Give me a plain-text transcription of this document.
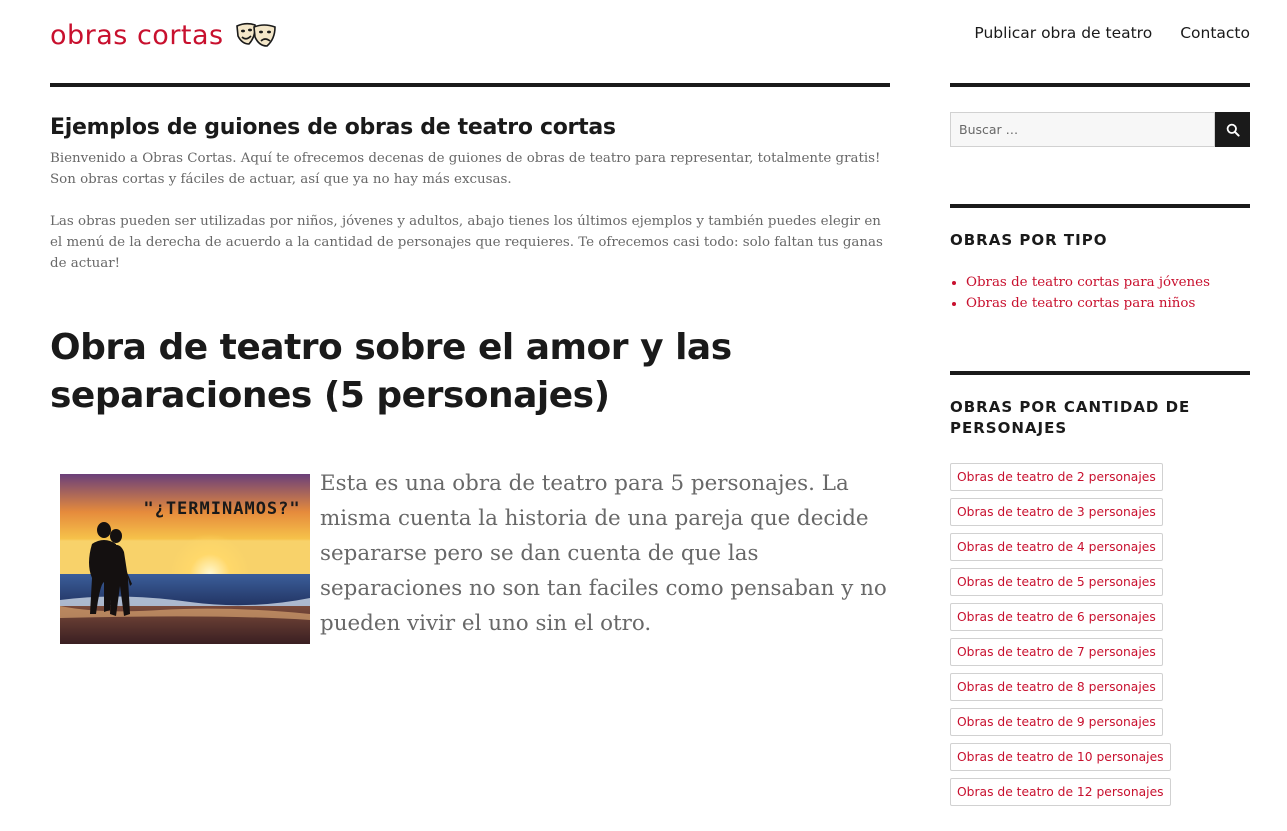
obras cortas	Publicar obra de teatro Contacto
Ejemplos de guiones de obras de teatro cortas

Bienvenido a Obras Cortas. Aquí te ofrecemos decenas de guiones de obras de teatro para representar, totalmente gratis! Son obras cortas y fáciles de actuar, así que ya no hay más excusas.

Las obras pueden ser utilizadas por niños, jóvenes y adultos, abajo tienes los últimos ejemplos y también puedes elegir en el menú de la derecha de acuerdo a la cantidad de personajes que requieres. Te ofrecemos casi todo: solo faltan tus ganas de actuar!

Obra de teatro sobre el amor y las separaciones (5 personajes)
"¿TERMINAMOS?"

Esta es una obra de teatro para 5 personajes. La misma cuenta la historia de una pareja que decide separarse pero se dan cuenta de que las separaciones no son tan faciles como pensaban y no pueden vivir el uno sin el otro.

Buscar …
OBRAS POR TIPO
• Obras de teatro cortas para jóvenes
• Obras de teatro cortas para niños
OBRAS POR CANTIDAD DE PERSONAJES
Obras de teatro de 2 personajes
Obras de teatro de 3 personajes
Obras de teatro de 4 personajes
Obras de teatro de 5 personajes
Obras de teatro de 6 personajes
Obras de teatro de 7 personajes
Obras de teatro de 8 personajes
Obras de teatro de 9 personajes
Obras de teatro de 10 personajes
Obras de teatro de 12 personajes
